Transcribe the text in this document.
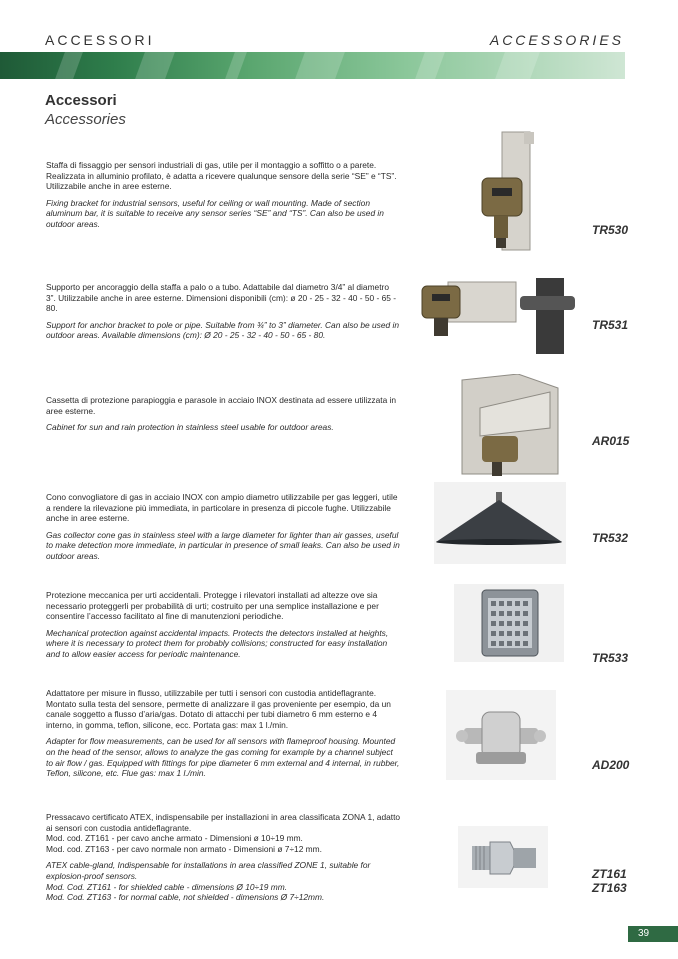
ACCESSORI	ACCESSORIES
Accessori
Accessories

Staffa di fissaggio per sensori industriali di gas, utile per il montaggio a soffitto o a parete. Realizzata in alluminio profilato, è adatta a ricevere qualunque sensore della serie “SE” e “TS”. Utilizzabile anche in aree esterne.

Fixing bracket for industrial sensors, useful for ceiling or wall mounting. Made of section aluminum bar, it is suitable to receive any sensor series “SE” and “TS”. Can also be used in outdoor areas.	TR530

Supporto per ancoraggio della staffa a palo o a tubo. Adattabile dal diametro 3/4” al diametro 3”. Utilizzabile anche in aree esterne. Dimensioni disponibili (cm): ø 20 - 25 - 32 - 40 - 50 - 65 - 80.

Support for anchor bracket to pole or pipe. Suitable from ¾” to 3” diameter. Can also be used in outdoor areas. Available dimensions (cm): Ø 20 - 25 - 32 - 40 - 50 - 65 - 80.

TR531

Cassetta di protezione parapioggia e parasole in acciaio INOX destinata ad essere utilizzata in aree esterne.

Cabinet for sun and rain protection in stainless steel usable for outdoor areas.

AR015

Cono convogliatore di gas in acciaio INOX con ampio diametro utilizzabile per gas leggeri, utile a rendere la rilevazione più immediata, in particolare in presenza di piccole fughe. Utilizzabile anche in aree esterne.

Gas collector cone gas in stainless steel with a large diameter for lighter than air gasses, useful to make detection more immediate, in particular in presence of small leaks. Can also be used in outdoor areas.

TR532

Protezione meccanica per urti accidentali. Protegge i rilevatori installati ad altezze ove sia necessario proteggerli per probabilità di urti; costruito per una semplice installazione e per consentire l’accesso facilitato al fine di manutenzioni periodiche.

Mechanical protection against accidental impacts. Protects the detectors installed at heights, where it is necessary to protect them for probably collisions; constructed for easy installation and to allow easier access for periodic maintenance.	TR533

Adattatore per misure in flusso, utilizzabile per tutti i sensori con custodia antideflagrante. Montato sulla testa del sensore, permette di analizzare il gas proveniente per esempio, da un canale soggetto a flusso d’aria/gas. Dotato di attacchi per tubi diametro 6 mm esterno e 4 interno, in gomma, teflon, silicone, ecc. Portata gas: max 1 l./min.

Adapter for flow measurements, can be used for all sensors with flameproof housing. Mounted on the head of the sensor, allows to analyze the gas coming for example by a channel subject to air flow / gas. Equipped with fittings for pipe diameter 6 mm external and 4 internal, in rubber, Teflon, silicone, etc. Flue gas: max 1 l./min.

AD200

Pressacavo certificato ATEX, indispensabile per installazioni in area classificata ZONA 1, adatto ai sensori con custodia antideflagrante.

Mod. cod. ZT161 - per cavo anche armato - Dimensioni ø 10÷19 mm.

Mod. cod. ZT163 - per cavo normale non armato - Dimensioni ø 7÷12 mm.

ATEX cable-gland, Indispensable for installations in area classified ZONE 1, suitable for explosion-proof sensors.

Mod. Cod. ZT161 - for shielded cable - dimensions Ø 10÷19 mm.

Mod. Cod. ZT163 - for normal cable, not shielded - dimensions Ø 7÷12mm.

ZT161
ZT163
39
